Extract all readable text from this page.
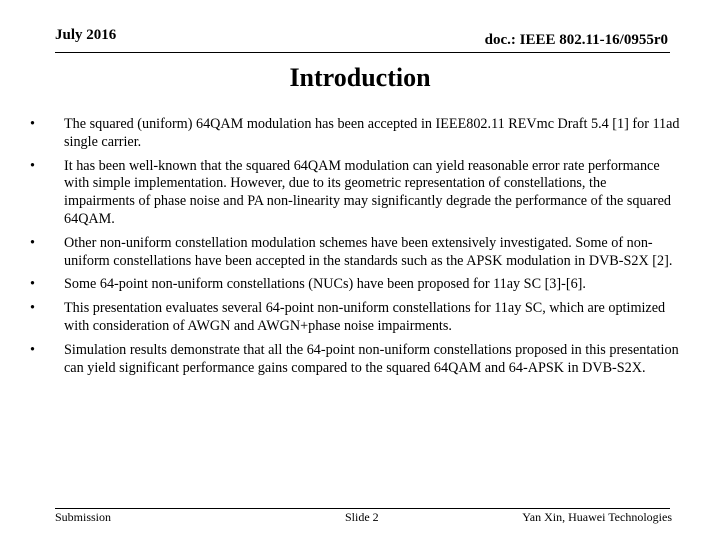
July 2016	doc.: IEEE 802.11-16/0955r0
Introduction
• The squared (uniform) 64QAM modulation has been accepted in IEEE802.11 REVmc Draft 5.4 [1] for 11ad single carrier.
• It has been well-known that the squared 64QAM modulation can yield reasonable error rate performance with simple implementation. However, due to its geometric representation of constellations, the impairments of phase noise and PA non-linearity may significantly degrade the performance of the squared 64QAM.
• Other non-uniform constellation modulation schemes have been extensively investigated. Some of non-uniform constellations have been accepted in the standards such as the APSK modulation in DVB-S2X [2].
• Some 64-point non-uniform constellations (NUCs) have been proposed for 11ay SC [3]-[6].
• This presentation evaluates several 64-point non-uniform constellations for 11ay SC, which are optimized with consideration of AWGN and AWGN+phase noise impairments.
• Simulation results demonstrate that all the 64-point non-uniform constellations proposed in this presentation can yield significant performance gains compared to the squared 64QAM and 64-APSK in DVB-S2X.
Submission	Slide 2	Yan Xin, Huawei Technologies
